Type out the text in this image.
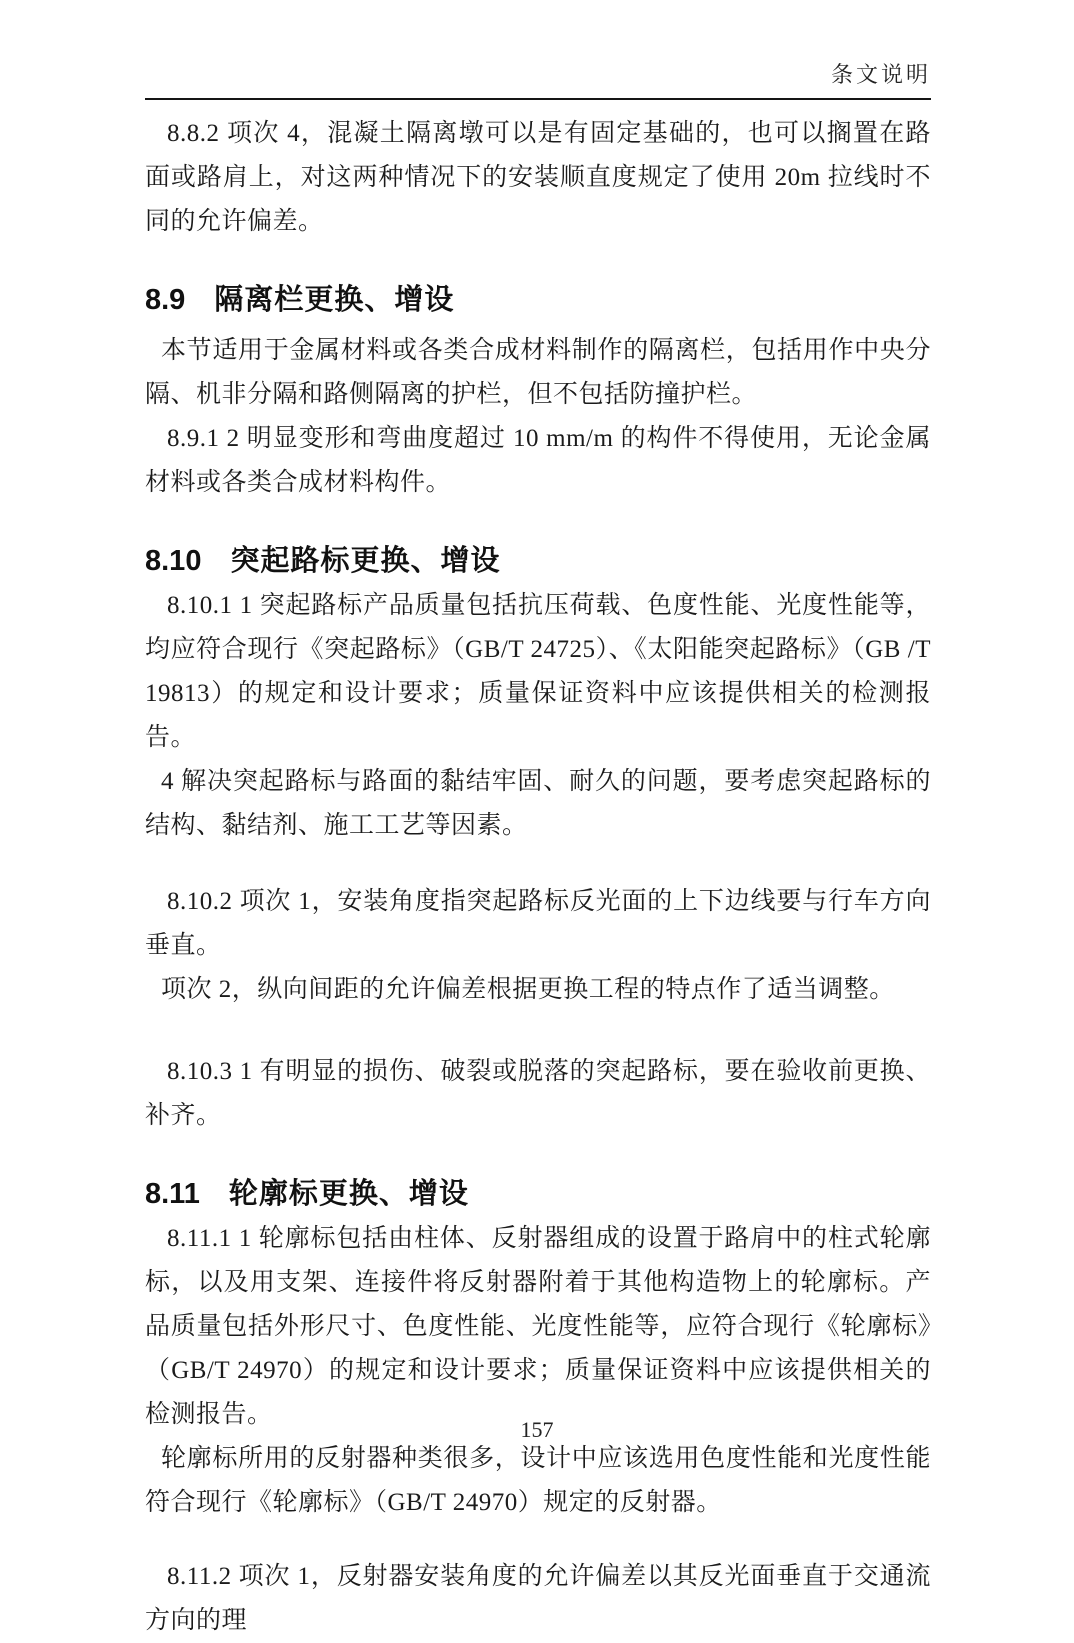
条文说明

8.8.2 项次 4，混凝土隔离墩可以是有固定基础的，也可以搁置在路面或路肩上，对这两种情况下的安装顺直度规定了使用 20m 拉线时不同的允许偏差。

8.9 隔离栏更换、增设

本节适用于金属材料或各类合成材料制作的隔离栏，包括用作中央分隔、机非分隔和路侧隔离的护栏，但不包括防撞护栏。

8.9.1 2 明显变形和弯曲度超过 10 mm/m 的构件不得使用，无论金属材料或各类合成材料构件。

8.10 突起路标更换、增设

8.10.1 1 突起路标产品质量包括抗压荷载、色度性能、光度性能等，均应符合现行《突起路标》（GB/T 24725）、《太阳能突起路标》（GB /T 19813）的规定和设计要求；质量保证资料中应该提供相关的检测报告。

4 解决突起路标与路面的黏结牢固、耐久的问题，要考虑突起路标的结构、黏结剂、施工工艺等因素。

8.10.2 项次 1，安装角度指突起路标反光面的上下边线要与行车方向垂直。

项次 2，纵向间距的允许偏差根据更换工程的特点作了适当调整。

8.10.3 1 有明显的损伤、破裂或脱落的突起路标，要在验收前更换、补齐。

8.11 轮廓标更换、增设

8.11.1 1 轮廓标包括由柱体、反射器组成的设置于路肩中的柱式轮廓标，以及用支架、连接件将反射器附着于其他构造物上的轮廓标。产品质量包括外形尺寸、色度性能、光度性能等，应符合现行《轮廓标》（GB/T 24970）的规定和设计要求；质量保证资料中应该提供相关的检测报告。

轮廓标所用的反射器种类很多，设计中应该选用色度性能和光度性能符合现行《轮廓标》（GB/T 24970）规定的反射器。

8.11.2 项次 1，反射器安装角度的允许偏差以其反光面垂直于交通流方向的理

157
